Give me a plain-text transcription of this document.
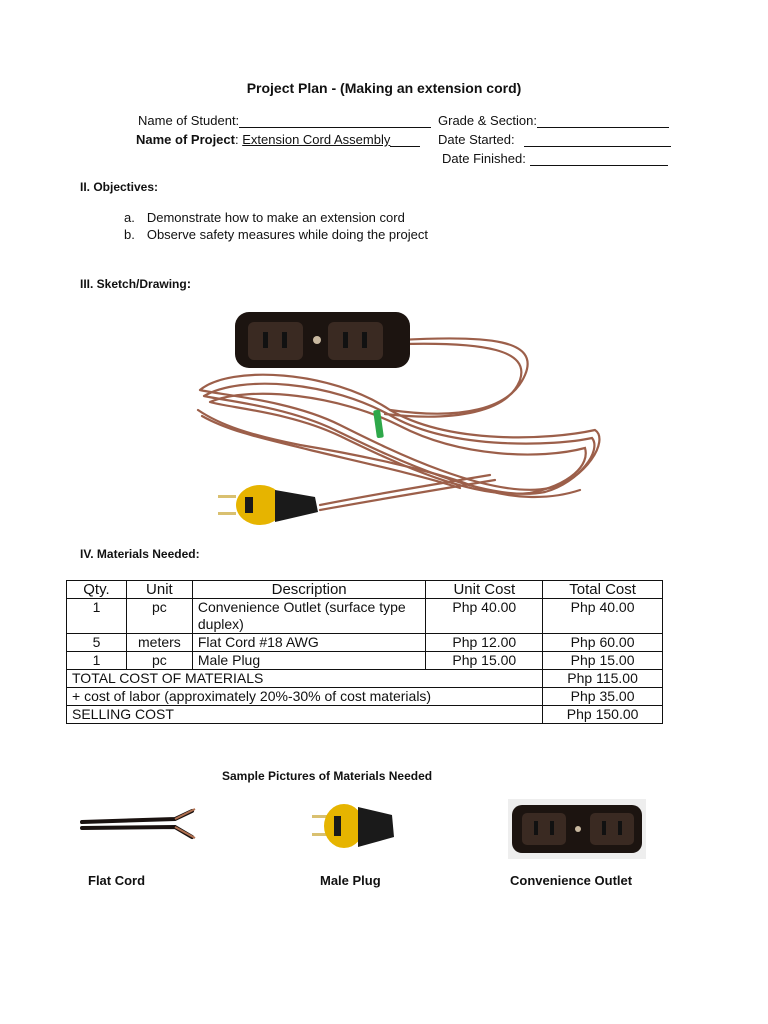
Project Plan - (Making an extension cord)
Name of Student:	Grade & Section:
Name of Project: Extension Cord Assembly	Date Started:
Date Finished:
II. Objectives:
a. Demonstrate how to make an extension cord
b. Observe safety measures while doing the project
III. Sketch/Drawing:
IV. Materials Needed:
Qty.	Unit	Description	Unit Cost	Total Cost
1	pc	Convenience Outlet (surface type duplex)	Php 40.00	Php 40.00
5	meters	Flat Cord #18 AWG	Php 12.00	Php 60.00
1	pc	Male Plug	Php 15.00	Php 15.00
TOTAL COST OF MATERIALS				Php 115.00
+ cost of labor (approximately 20%-30% of cost materials)				Php 35.00
SELLING COST				Php 150.00
Sample Pictures of Materials Needed
Flat Cord	Male Plug	Convenience Outlet
